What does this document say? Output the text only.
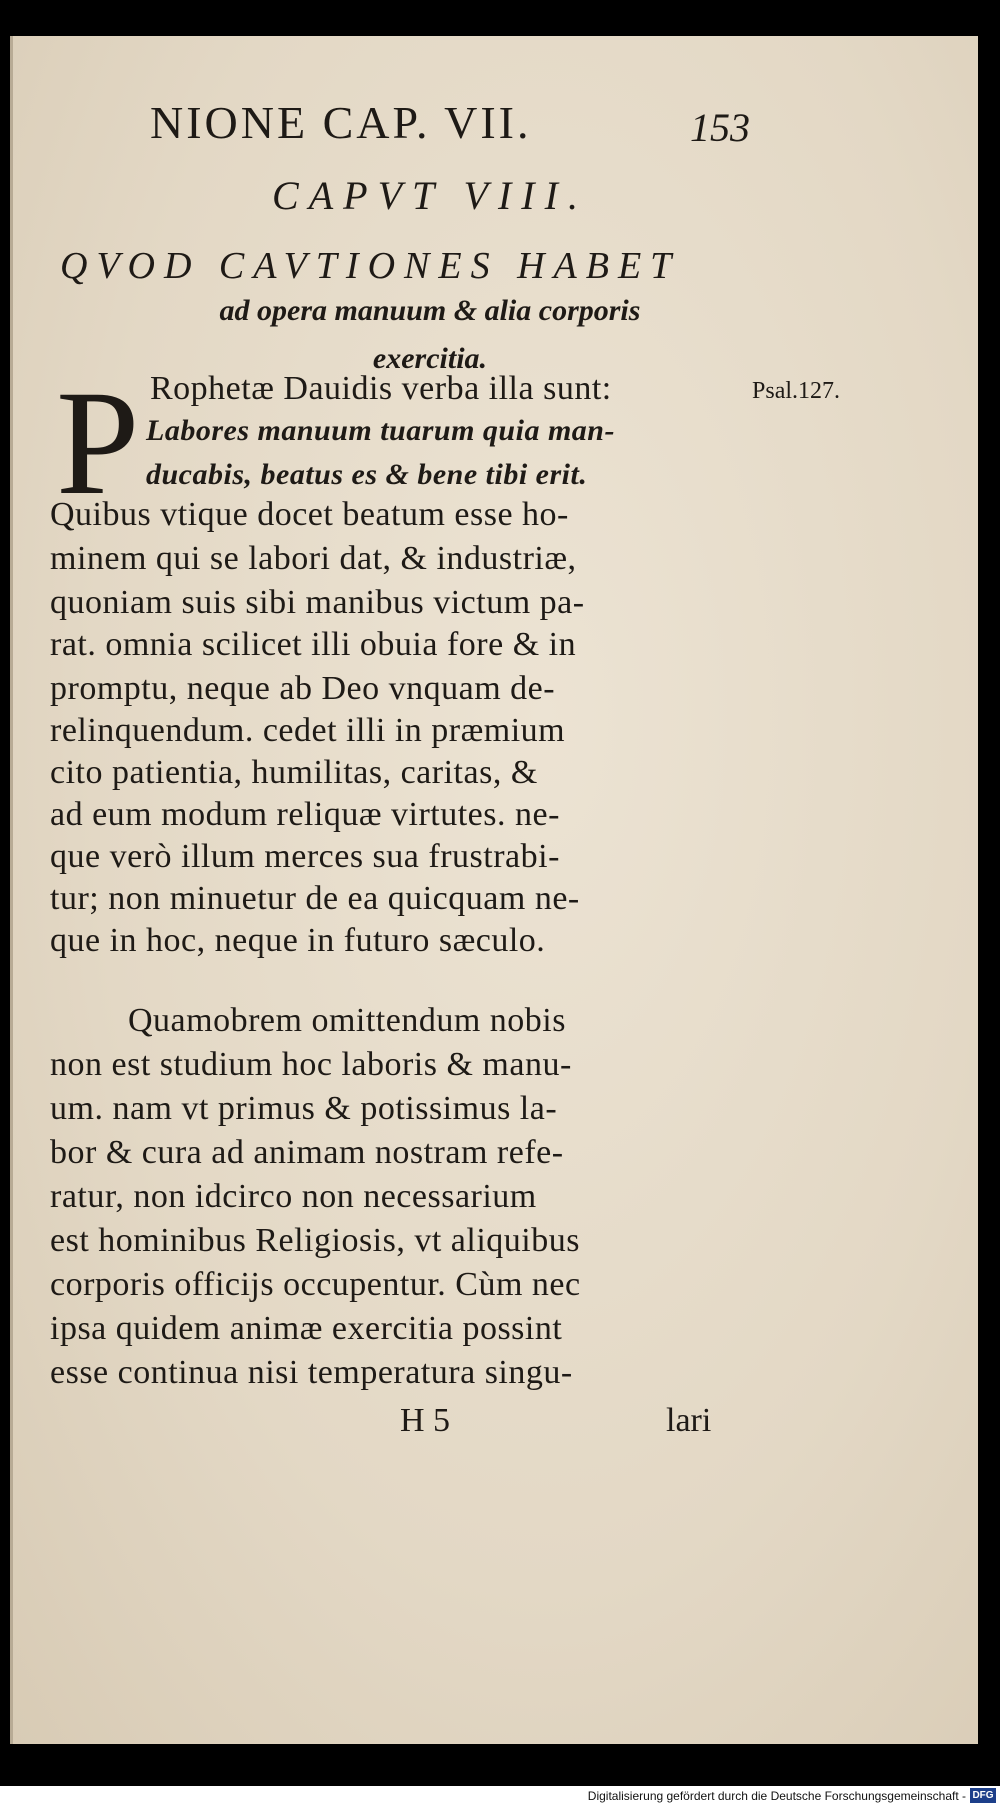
NIONE CAP. VII.	153
CAPVT VIII.
QVOD CAVTIONES HABET
ad opera manuum & alia corporis
exercitia.
Psal.127.
P Rophetæ Dauidis verba illa sunt:
Labores manuum tuarum quia man-
ducabis, beatus es & bene tibi erit.
Quibus vtique docet beatum esse ho-
minem qui se labori dat, & industriæ,
quoniam suis sibi manibus victum pa-
rat. omnia scilicet illi obuia fore & in
promptu, neque ab Deo vnquam de-
relinquendum. cedet illi in præmium
cito patientia, humilitas, caritas, &
ad eum modum reliquæ virtutes. ne-
que verò illum merces sua frustrabi-
tur; non minuetur de ea quicquam ne-
que in hoc, neque in futuro sæculo.
Quamobrem omittendum nobis
non est studium hoc laboris & manu-
um. nam vt primus & potissimus la-
bor & cura ad animam nostram refe-
ratur, non idcirco non necessarium
est hominibus Religiosis, vt aliquibus
corporis officijs occupentur. Cùm nec
ipsa quidem animæ exercitia possint
esse continua nisi temperatura singu-
H 5	lari
Digitalisierung gefördert durch die Deutsche Forschungsgemeinschaft - DFG
